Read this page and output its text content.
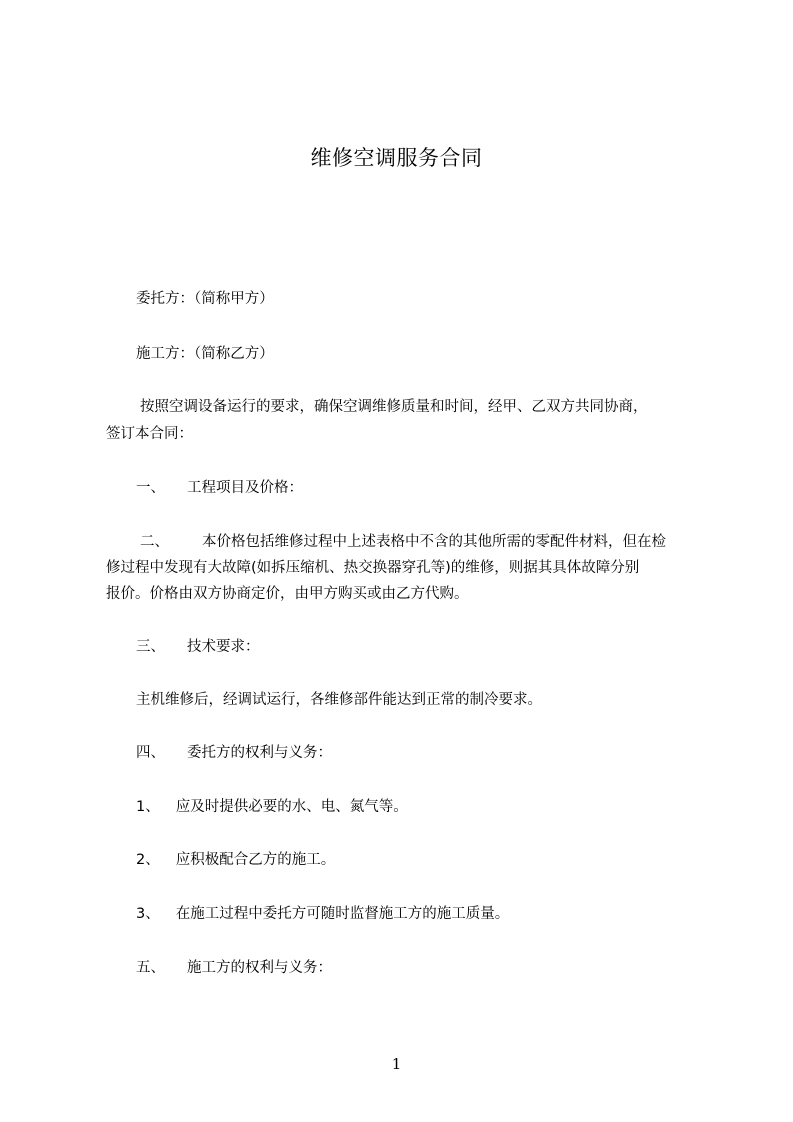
维修空调服务合同
委托方：（简称甲方）
施工方：（简称乙方）
按照空调设备运行的要求，确保空调维修质量和时间，经甲、乙双方共同协商，
签订本合同：
一、 工程项目及价格：
二、 本价格包括维修过程中上述表格中不含的其他所需的零配件材料，但在检
修过程中发现有大故障(如拆压缩机、热交换器穿孔等)的维修，则据其具体故障分别
报价。价格由双方协商定价，由甲方购买或由乙方代购。
三、 技术要求：
主机维修后，经调试运行，各维修部件能达到正常的制冷要求。
四、 委托方的权利与义务：
1、 应及时提供必要的水、电、氮气等。
2、 应积极配合乙方的施工。
3、 在施工过程中委托方可随时监督施工方的施工质量。
五、 施工方的权利与义务：
1
